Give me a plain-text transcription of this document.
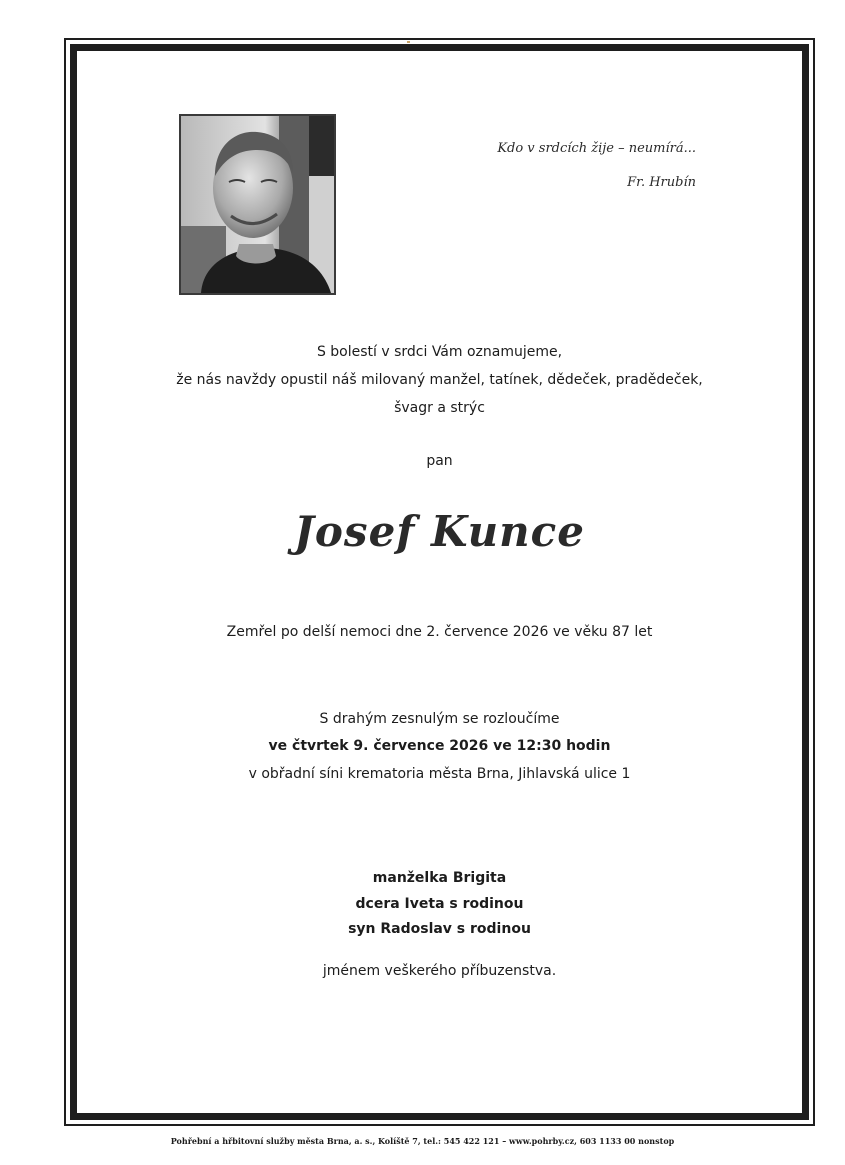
Kdo v srdcích žije – neumírá...
Fr. Hrubín
S bolestí v srdci Vám oznamujeme,
že nás navždy opustil náš milovaný manžel, tatínek, dědeček, pradědeček,
švagr a strýc
pan
Josef Kunce
Zemřel po delší nemoci dne 2. července 2026 ve věku 87 let
S drahým zesnulým se rozloučíme
ve čtvrtek 9. července 2026 ve 12:30 hodin
v obřadní síni krematoria města Brna, Jihlavská ulice 1
manželka Brigita
dcera Iveta s rodinou
syn Radoslav s rodinou
jménem veškerého příbuzenstva.
Pohřební a hřbitovní služby města Brna, a. s., Kolíště 7, tel.: 545 422 121 – www.pohrby.cz, 603 1133 00 nonstop
